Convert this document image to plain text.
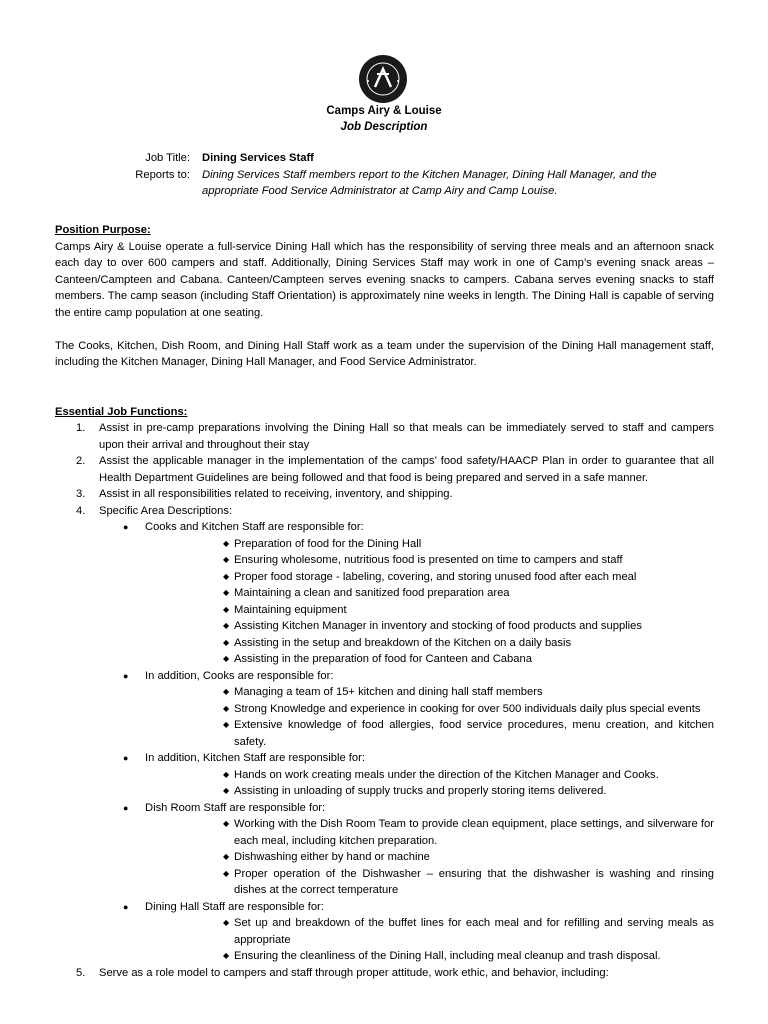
Camps Airy & Louise
Job Description
Job Title: Dining Services Staff
Reports to: Dining Services Staff members report to the Kitchen Manager, Dining Hall Manager, and the appropriate Food Service Administrator at Camp Airy and Camp Louise.
Position Purpose:

Camps Airy & Louise operate a full-service Dining Hall which has the responsibility of serving three meals and an afternoon snack each day to over 600 campers and staff. Additionally, Dining Services Staff may work in one of Camp’s evening snack areas – Canteen/Campteen and Cabana. Canteen/Campteen serves evening snacks to campers. Cabana serves evening snacks to staff members. The camp season (including Staff Orientation) is approximately nine weeks in length. The Dining Hall is capable of serving the entire camp population at one seating.

The Cooks, Kitchen, Dish Room, and Dining Hall Staff work as a team under the supervision of the Dining Hall management staff, including the Kitchen Manager, Dining Hall Manager, and Food Service Administrator.

Essential Job Functions:
1. Assist in pre-camp preparations involving the Dining Hall so that meals can be immediately served to staff and campers upon their arrival and throughout their stay
2. Assist the applicable manager in the implementation of the camps’ food safety/HAACP Plan in order to guarantee that all Health Department Guidelines are being followed and that food is being prepared and served in a safe manner.
3. Assist in all responsibilities related to receiving, inventory, and shipping.
4. Specific Area Descriptions:
● Cooks and Kitchen Staff are responsible for:
◆ Preparation of food for the Dining Hall
◆ Ensuring wholesome, nutritious food is presented on time to campers and staff
◆ Proper food storage - labeling, covering, and storing unused food after each meal
◆ Maintaining a clean and sanitized food preparation area
◆ Maintaining equipment
◆ Assisting Kitchen Manager in inventory and stocking of food products and supplies
◆ Assisting in the setup and breakdown of the Kitchen on a daily basis
◆ Assisting in the preparation of food for Canteen and Cabana
● In addition, Cooks are responsible for:
◆ Managing a team of 15+ kitchen and dining hall staff members
◆ Strong Knowledge and experience in cooking for over 500 individuals daily plus special events
◆ Extensive knowledge of food allergies, food service procedures, menu creation, and kitchen safety.
● In addition, Kitchen Staff are responsible for:
◆ Hands on work creating meals under the direction of the Kitchen Manager and Cooks.
◆ Assisting in unloading of supply trucks and properly storing items delivered.
● Dish Room Staff are responsible for:
◆ Working with the Dish Room Team to provide clean equipment, place settings, and silverware for each meal, including kitchen preparation.
◆ Dishwashing either by hand or machine
◆ Proper operation of the Dishwasher – ensuring that the dishwasher is washing and rinsing dishes at the correct temperature
● Dining Hall Staff are responsible for:
◆ Set up and breakdown of the buffet lines for each meal and for refilling and serving meals as appropriate
◆ Ensuring the cleanliness of the Dining Hall, including meal cleanup and trash disposal.
5. Serve as a role model to campers and staff through proper attitude, work ethic, and behavior, including:
